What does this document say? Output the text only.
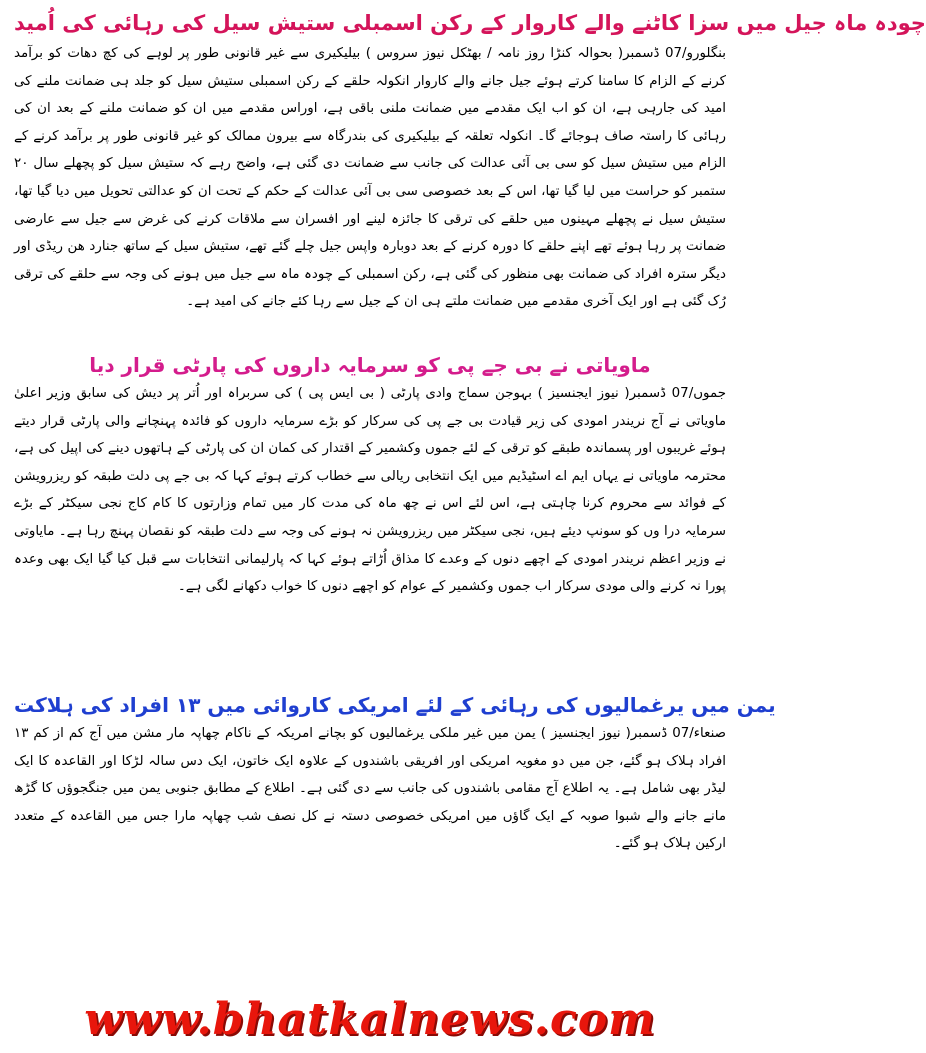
چودہ ماہ جیل میں سزا کاٹنے والے کاروار کے رکن اسمبلی ستیش سیل کی رہائی کی اُمید

بنگلورو/07 ڈسمبر( بحوالہ کنڑا روز نامہ / بھٹکل نیوز سروس ) بیلیکیری سے غیر قانونی طور پر لوہے کی کچ دھات کو برآمد کرنے کے الزام کا سامنا کرتے ہوئے جیل جانے والے کاروار انکولہ حلقے کے رکن اسمبلی ستیش سیل کو جلد ہی ضمانت ملنے کی امید کی جارہی ہے، ان کو اب ایک مقدمے میں ضمانت ملنی باقی ہے، اوراس مقدمے میں ان کو ضمانت ملنے کے بعد ان کی رہائی کا راستہ صاف ہوجائے گا۔ انکولہ تعلقہ کے بیلیکیری کی بندرگاہ سے بیرون ممالک کو غیر قانونی طور پر برآمد کرنے کے الزام میں ستیش سیل کو سی بی آئی عدالت کی جانب سے ضمانت دی گئی ہے، واضح رہے کہ ستیش سیل کو پچھلے سال ۲۰ ستمبر کو حراست میں لیا گیا تھا، اس کے بعد خصوصی سی بی آئی عدالت کے حکم کے تحت ان کو عدالتی تحویل میں دیا گیا تھا، ستیش سیل نے پچھلے مہینوں میں حلقے کی ترقی کا جائزہ لینے اور افسران سے ملاقات کرنے کی غرض سے جیل سے عارضی ضمانت پر رہا ہوئے تھے اپنے حلقے کا دورہ کرنے کے بعد دوبارہ واپس جیل چلے گئے تھے، ستیش سیل کے ساتھ جنارد ھن ریڈی اور دیگر سترہ افراد کی ضمانت بھی منظور کی گئی ہے، رکن اسمبلی کے چودہ ماہ سے جیل میں ہونے کی وجہ سے حلقے کی ترقی رُک گئی ہے اور ایک آخری مقدمے میں ضمانت ملتے ہی ان کے جیل سے رہا کئے جانے کی امید ہے۔

ماویاتی نے بی جے پی کو سرمایہ داروں کی پارٹی قرار دیا

جموں/07 ڈسمبر( نیوز ایجنسیز ) بہوجن سماج وادی پارٹی ( بی ایس پی ) کی سربراہ اور اُتر پر دیش کی سابق وزیر اعلیٰ ماویاتی نے آج نریندر امودی کی زیر قیادت بی جے پی کی سرکار کو بڑے سرمایہ داروں کو فائدہ پہنچانے والی پارٹی قرار دیتے ہوئے غریبوں اور پسماندہ طبقے کو ترقی کے لئے جموں وکشمیر کے اقتدار کی کمان ان کی پارٹی کے ہاتھوں دینے کی اپیل کی ہے، محترمہ ماویاتی نے یہاں ایم اے اسٹیڈیم میں ایک انتخابی ریالی سے خطاب کرتے ہوئے کہا کہ بی جے پی دلت طبقہ کو ریزرویشن کے فوائد سے محروم کرنا چاہتی ہے، اس لئے اس نے چھ ماہ کی مدت کار میں تمام وزارتوں کا کام کاج نجی سیکٹر کے بڑے سرمایہ درا وں کو سونپ دیئے ہیں، نجی سیکٹر میں ریزرویشن نہ ہونے کی وجہ سے دلت طبقہ کو نقصان پہنچ رہا ہے۔ مایاوتی نے وزیر اعظم نریندر امودی کے اچھے دنوں کے وعدے کا مذاق اُڑاتے ہوئے کہا کہ پارلیمانی انتخابات سے قبل کیا گیا ایک بھی وعدہ پورا نہ کرنے والی مودی سرکار اب جموں وکشمیر کے عوام کو اچھے دنوں کا خواب دکھانے لگی ہے۔

یمن میں یرغمالیوں کی رہائی کے لئے امریکی کاروائی میں ۱۳ افراد کی ہلاکت

صنعاء/07 ڈسمبر( نیوز ایجنسیز ) یمن میں غیر ملکی یرغمالیوں کو بچانے امریکہ کے ناکام چھاپہ مار مشن میں آج کم از کم ۱۳ افراد ہلاک ہو گئے، جن میں دو مغویہ امریکی اور افریقی باشندوں کے علاوہ ایک خاتون، ایک دس سالہ لڑکا اور القاعدہ کا ایک لیڈر بھی شامل ہے۔ یہ اطلاع آج مقامی باشندوں کی جانب سے دی گئی ہے۔ اطلاع کے مطابق جنوبی یمن میں جنگجوؤں کا گڑھ مانے جانے والے شبوا صوبہ کے ایک گاؤں میں امریکی خصوصی دستہ نے کل نصف شب چھاپہ مارا جس میں القاعدہ کے متعدد ارکین ہلاک ہو گئے۔

www.bhatkalnews.com
